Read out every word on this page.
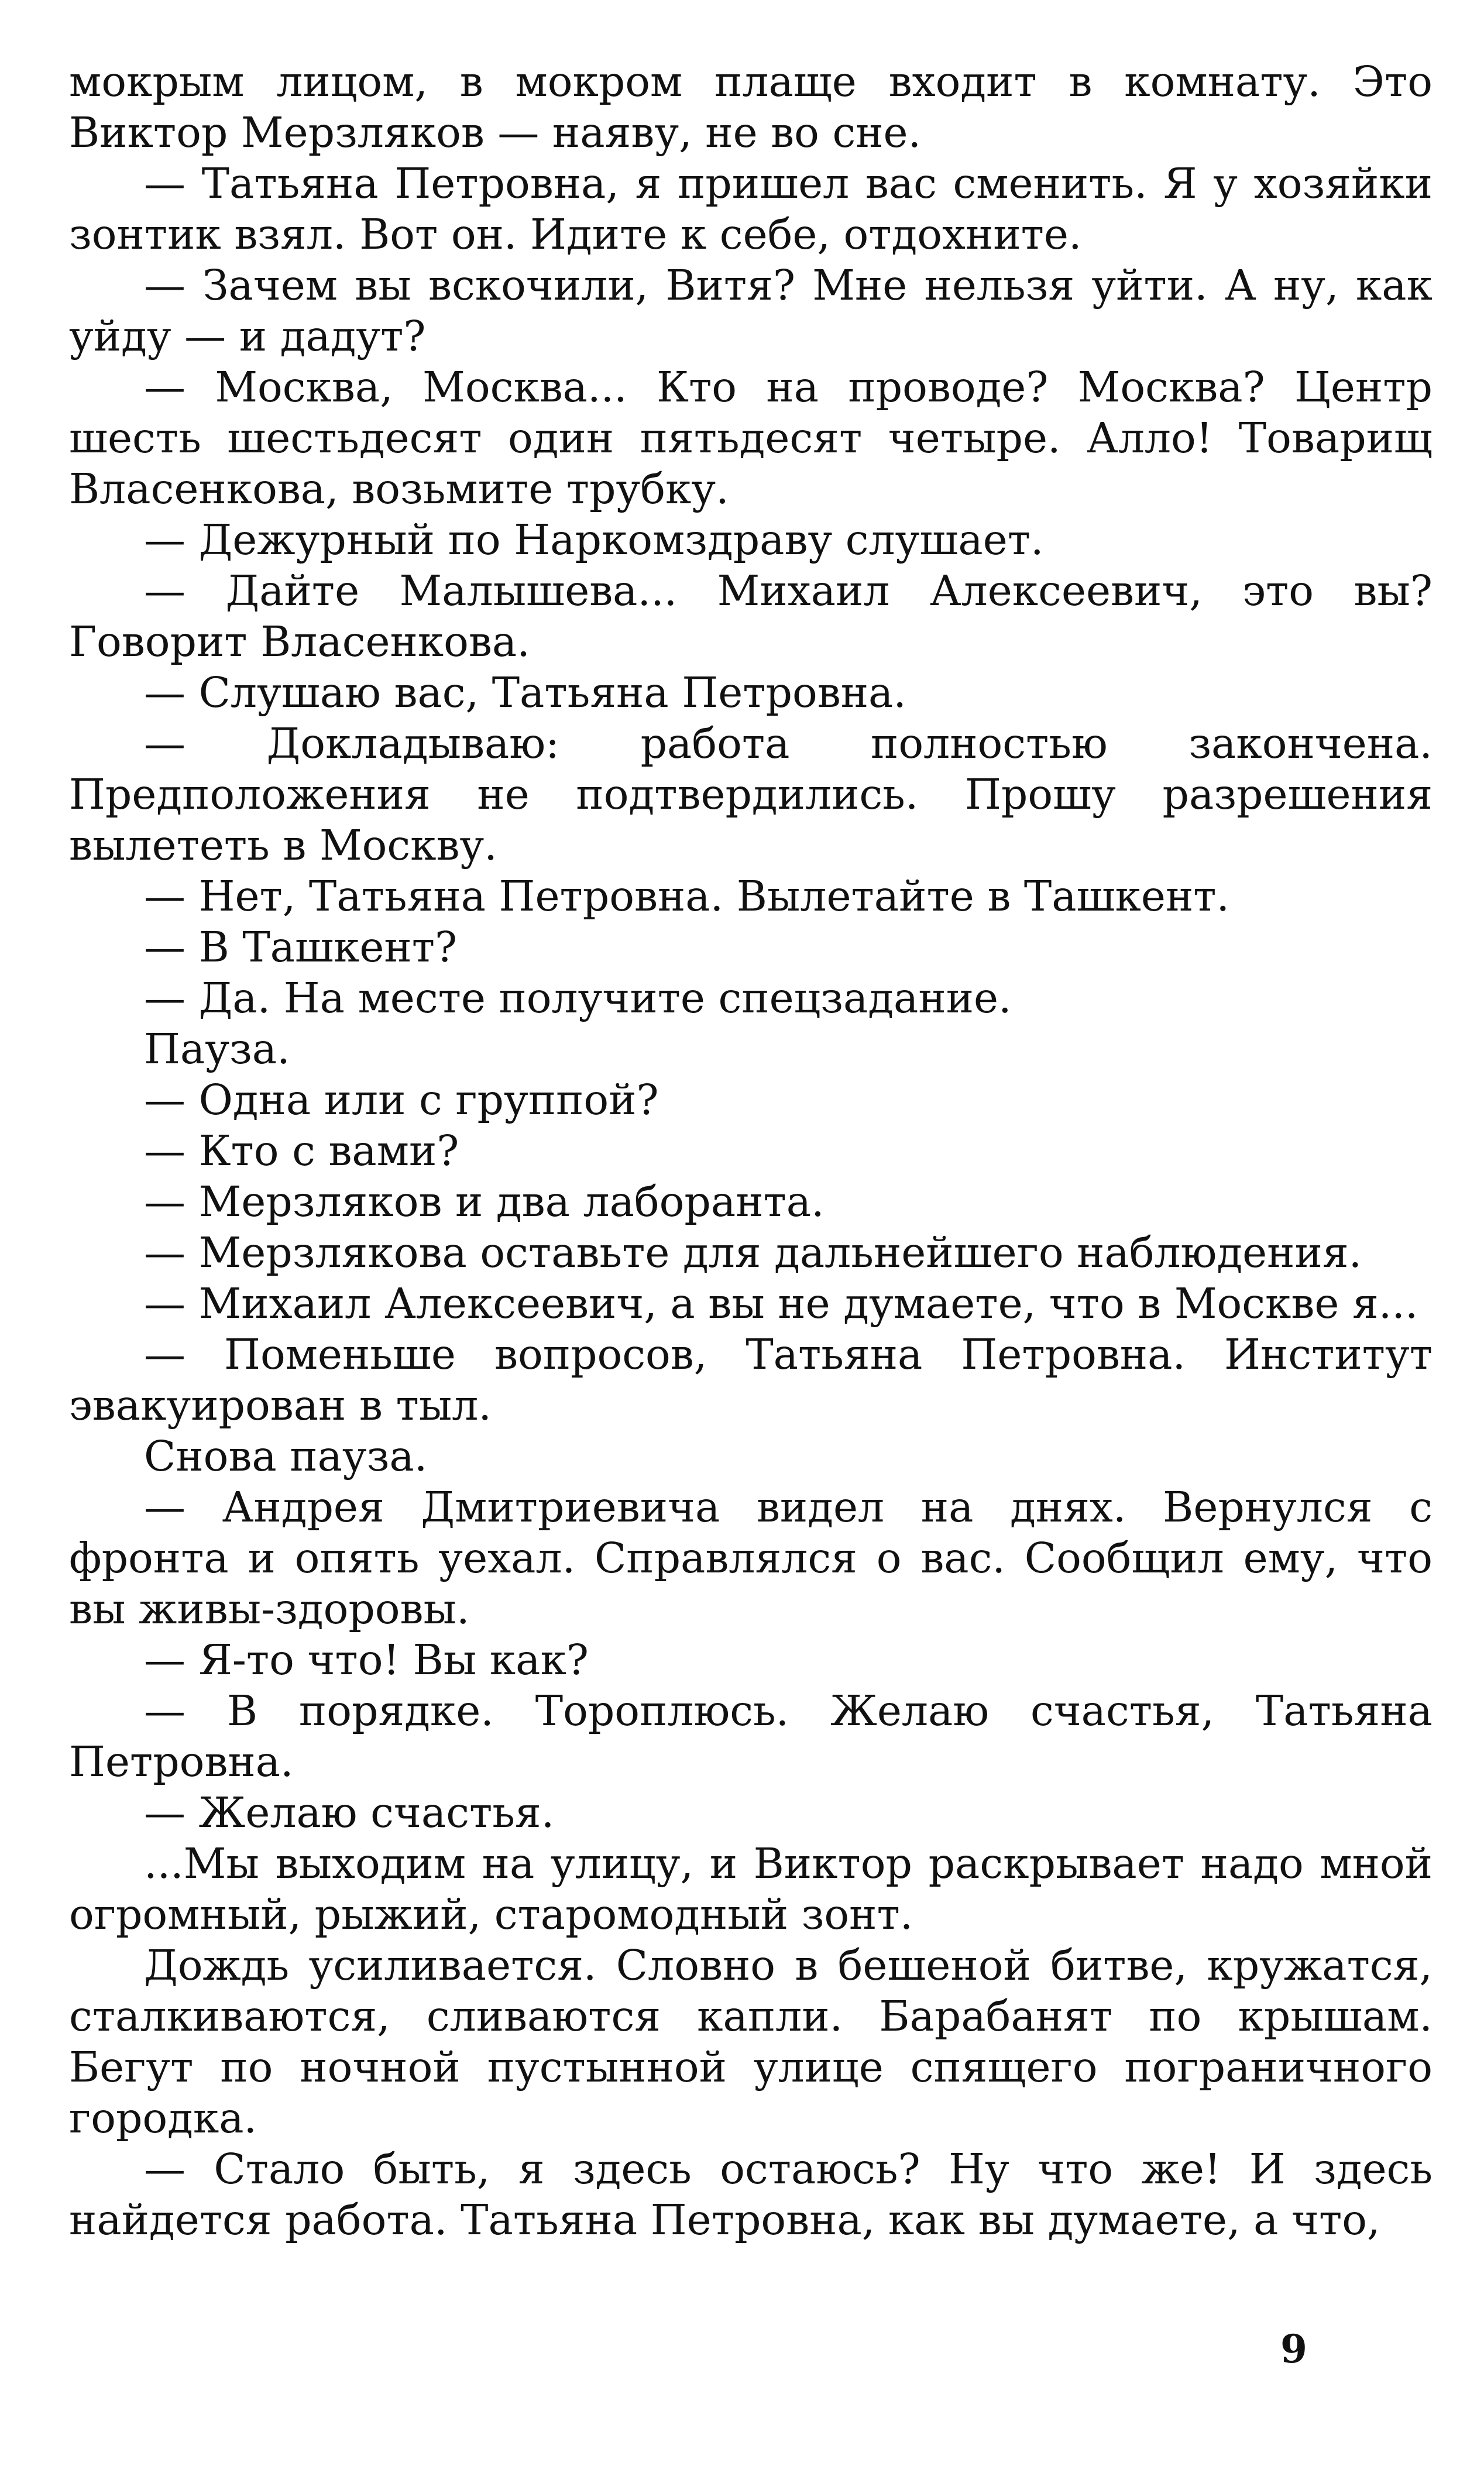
мокрым лицом, в мокром плаще входит в комнату. Это Виктор Мерзляков — наяву, не во сне.

— Татьяна Петровна, я пришел вас сменить. Я у хозяйки зонтик взял. Вот он. Идите к себе, отдохните.

— Зачем вы вскочили, Витя? Мне нельзя уйти. А ну, как уйду — и дадут?

— Москва, Москва... Кто на проводе? Москва? Центр шесть шестьдесят один пятьдесят четыре. Алло! Товарищ Власенкова, возьмите трубку.

— Дежурный по Наркомздраву слушает.

— Дайте Малышева... Михаил Алексеевич, это вы? Говорит Власенкова.

— Слушаю вас, Татьяна Петровна.

— Докладываю: работа полностью закончена. Предположения не подтвердились. Прошу разрешения вылететь в Москву.

— Нет, Татьяна Петровна. Вылетайте в Ташкент.

— В Ташкент?

— Да. На месте получите спецзадание.

Пауза.

— Одна или с группой?

— Кто с вами?

— Мерзляков и два лаборанта.

— Мерзлякова оставьте для дальнейшего наблюдения.

— Михаил Алексеевич, а вы не думаете, что в Москве я...

— Поменьше вопросов, Татьяна Петровна. Институт эвакуирован в тыл.

Снова пауза.

— Андрея Дмитриевича видел на днях. Вернулся с фронта и опять уехал. Справлялся о вас. Сообщил ему, что вы живы-здоровы.

— Я-то что! Вы как?

— В порядке. Тороплюсь. Желаю счастья, Татьяна Петровна.

— Желаю счастья.

...Мы выходим на улицу, и Виктор раскрывает надо мной огромный, рыжий, старомодный зонт.

Дождь усиливается. Словно в бешеной битве, кружатся, сталкиваются, сливаются капли. Барабанят по крышам. Бегут по ночной пустынной улице спящего пограничного городка.

— Стало быть, я здесь остаюсь? Ну что же! И здесь найдется работа. Татьяна Петровна, как вы думаете, а что,

9
